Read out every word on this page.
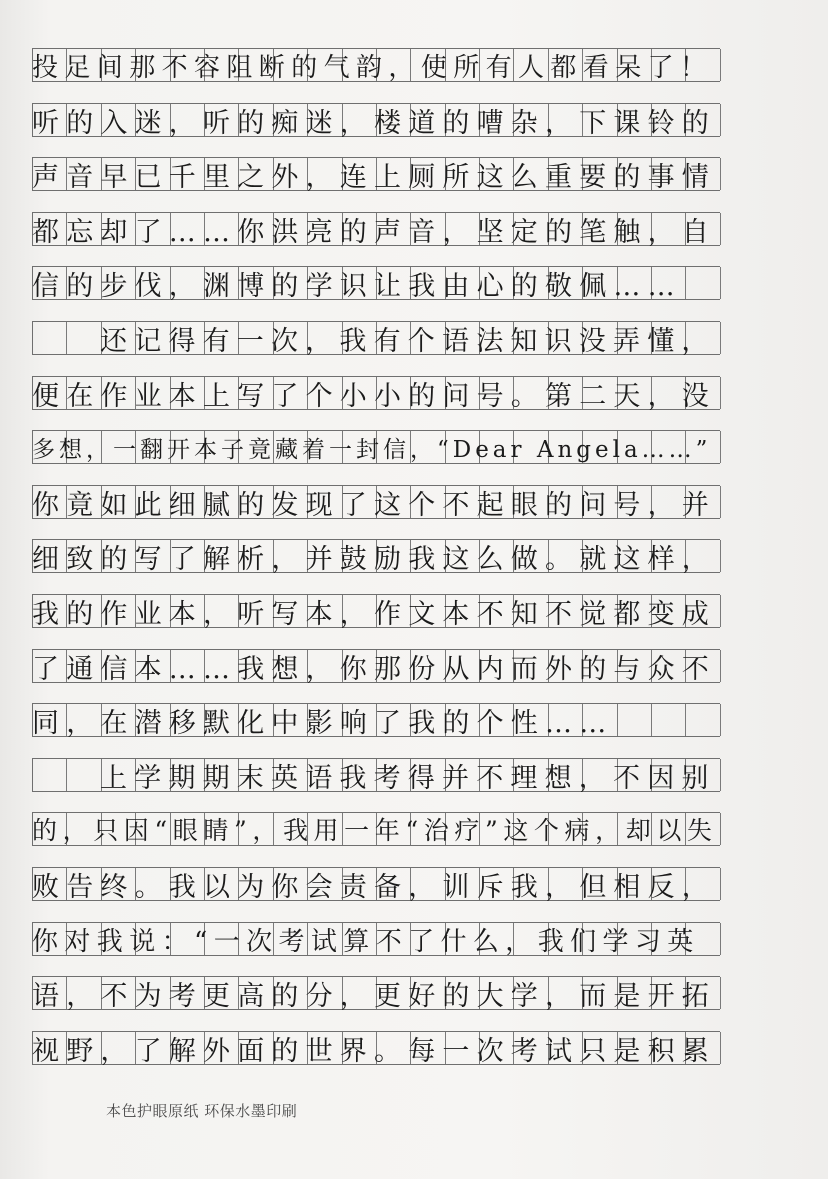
投足间那不容阻断的气韵，使所有人都看呆了！
听的入迷，听的痴迷，楼道的嘈杂，下课铃的
声音早已千里之外，连上厕所这么重要的事情
都忘却了……你洪亮的声音，坚定的笔触，自
信的步伐，渊博的学识让我由心的敬佩……
还记得有一次，我有个语法知识没弄懂，
便在作业本上写了个小小的问号。第二天，没
多想，一翻开本子竟藏着一封信，“Dear Angela……”
你竟如此细腻的发现了这个不起眼的问号，并
细致的写了解析，并鼓励我这么做。就这样，
我的作业本，听写本，作文本不知不觉都变成
了通信本……我想，你那份从内而外的与众不
同，在潜移默化中影响了我的个性……
上学期期末英语我考得并不理想，不因别
的，只因“眼睛”，我用一年“治疗”这个病，却以失
败告终。我以为你会责备，训斥我，但相反，
你对我说：“一次考试算不了什么，我们学习英
语，不为考更高的分，更好的大学，而是开拓
视野，了解外面的世界。每一次考试只是积累
本色护眼原纸 环保水墨印刷
